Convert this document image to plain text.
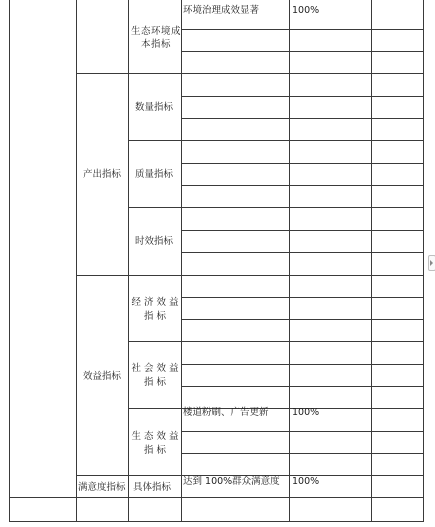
生态环境成本指标
产出指标
数量指标
质量指标
时效指标
效益指标
经 济 效 益 指 标
社 会 效 益 指 标
生 态 效 益 指 标
满意度指标 具体指标
环境治理成效显著	100%
楼道粉刷、广告更新 100%
达到 100%群众满意度 100%
